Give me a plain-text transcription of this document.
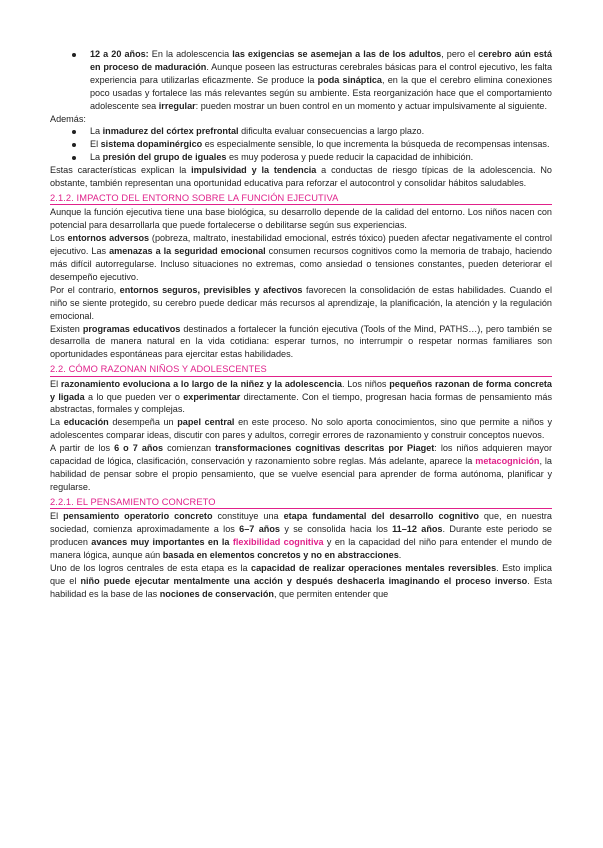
12 a 20 años: En la adolescencia las exigencias se asemejan a las de los adultos, pero el cerebro aún está en proceso de maduración. Aunque poseen las estructuras cerebrales básicas para el control ejecutivo, les falta experiencia para utilizarlas eficazmente. Se produce la poda sináptica, en la que el cerebro elimina conexiones poco usadas y fortalece las más relevantes según su ambiente. Esta reorganización hace que el comportamiento adolescente sea irregular: pueden mostrar un buen control en un momento y actuar impulsivamente al siguiente.

Además:

La inmadurez del córtex prefrontal dificulta evaluar consecuencias a largo plazo.
El sistema dopaminérgico es especialmente sensible, lo que incrementa la búsqueda de recompensas intensas.
La presión del grupo de iguales es muy poderosa y puede reducir la capacidad de inhibición.

Estas características explican la impulsividad y la tendencia a conductas de riesgo típicas de la adolescencia. No obstante, también representan una oportunidad educativa para reforzar el autocontrol y consolidar hábitos saludables.

2.1.2. IMPACTO DEL ENTORNO SOBRE LA FUNCIÓN EJECUTIVA

Aunque la función ejecutiva tiene una base biológica, su desarrollo depende de la calidad del entorno. Los niños nacen con potencial para desarrollarla que puede fortalecerse o debilitarse según sus experiencias.

Los entornos adversos (pobreza, maltrato, inestabilidad emocional, estrés tóxico) pueden afectar negativamente el control ejecutivo. Las amenazas a la seguridad emocional consumen recursos cognitivos como la memoria de trabajo, haciendo más difícil autorregularse. Incluso situaciones no extremas, como ansiedad o tensiones constantes, pueden deteriorar el desempeño ejecutivo.

Por el contrario, entornos seguros, previsibles y afectivos favorecen la consolidación de estas habilidades. Cuando el niño se siente protegido, su cerebro puede dedicar más recursos al aprendizaje, la planificación, la atención y la regulación emocional.

Existen programas educativos destinados a fortalecer la función ejecutiva (Tools of the Mind, PATHS…), pero también se desarrolla de manera natural en la vida cotidiana: esperar turnos, no interrumpir o respetar normas familiares son oportunidades espontáneas para ejercitar estas habilidades.

2.2. CÓMO RAZONAN NIÑOS Y ADOLESCENTES

El razonamiento evoluciona a lo largo de la niñez y la adolescencia. Los niños pequeños razonan de forma concreta y ligada a lo que pueden ver o experimentar directamente. Con el tiempo, progresan hacia formas de pensamiento más abstractas, formales y complejas.

La educación desempeña un papel central en este proceso. No solo aporta conocimientos, sino que permite a niños y adolescentes comparar ideas, discutir con pares y adultos, corregir errores de razonamiento y construir conceptos nuevos.

A partir de los 6 o 7 años comienzan transformaciones cognitivas descritas por Piaget: los niños adquieren mayor capacidad de lógica, clasificación, conservación y razonamiento sobre reglas. Más adelante, aparece la metacognición, la habilidad de pensar sobre el propio pensamiento, que se vuelve esencial para aprender de forma autónoma, planificar y regularse.

2.2.1. EL PENSAMIENTO CONCRETO

El pensamiento operatorio concreto constituye una etapa fundamental del desarrollo cognitivo que, en nuestra sociedad, comienza aproximadamente a los 6–7 años y se consolida hacia los 11–12 años. Durante este periodo se producen avances muy importantes en la flexibilidad cognitiva y en la capacidad del niño para entender el mundo de manera lógica, aunque aún basada en elementos concretos y no en abstracciones.

Uno de los logros centrales de esta etapa es la capacidad de realizar operaciones mentales reversibles. Esto implica que el niño puede ejecutar mentalmente una acción y después deshacerla imaginando el proceso inverso. Esta habilidad es la base de las nociones de conservación, que permiten entender que
